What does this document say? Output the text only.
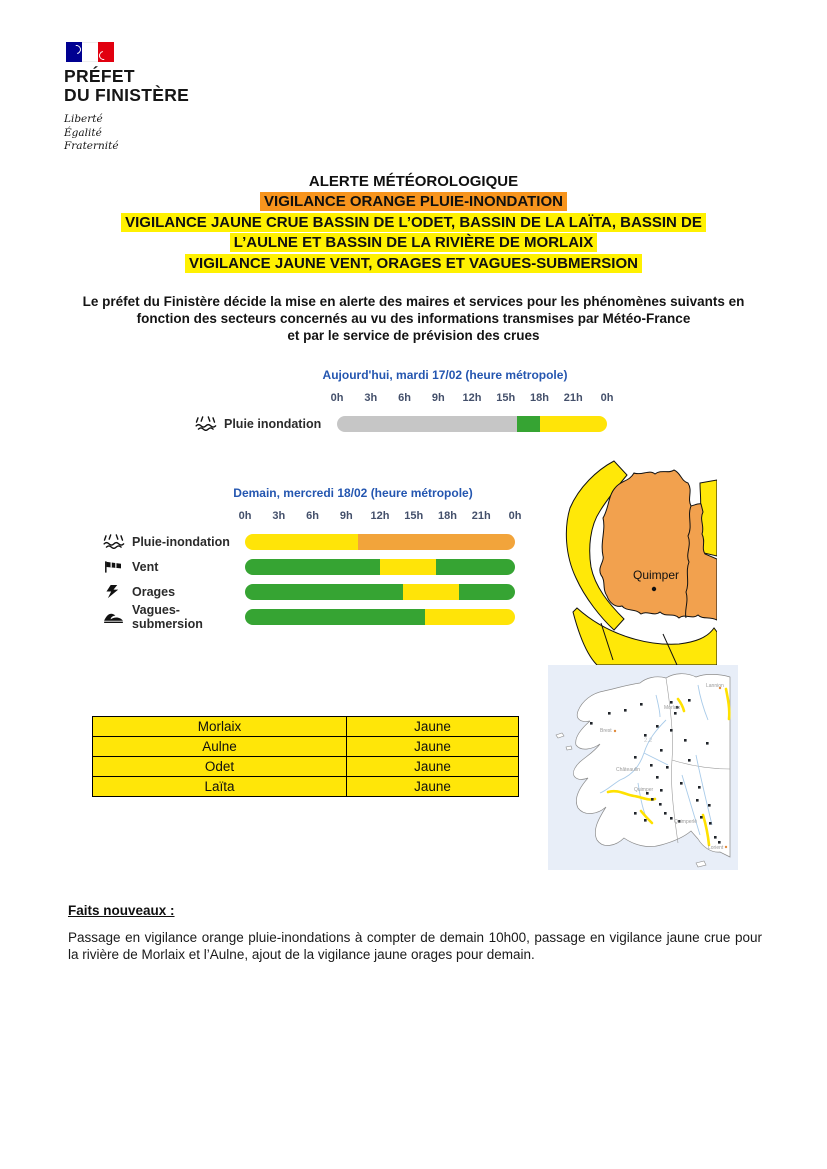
PRÉFET
DU FINISTÈRE
Liberté
Égalité
Fraternité
ALERTE MÉTÉOROLOGIQUE
VIGILANCE ORANGE PLUIE-INONDATION
VIGILANCE JAUNE CRUE BASSIN DE L’ODET, BASSIN DE LA LAÏTA, BASSIN DE
L’AULNE ET BASSIN DE LA RIVIÈRE DE MORLAIX
VIGILANCE JAUNE VENT, ORAGES ET VAGUES-SUBMERSION
Le préfet du Finistère décide la mise en alerte des maires et services pour les phénomènes suivants en
fonction des secteurs concernés au vu des informations transmises par Météo-France
et par le service de prévision des crues
Aujourd'hui, mardi 17/02 (heure métropole)
0h 3h 6h 9h 12h 15h 18h 21h 0h
Pluie inondation
Demain, mercredi 18/02 (heure métropole)
0h 3h 6h 9h 12h 15h 18h 21h 0h
Pluie-inondation
Vent
Orages
Vagues-submersion
Quimper
Morlaix	Jaune
Aulne	Jaune
Odet	Jaune
Laïta	Jaune
Lannion
Morlaix
Brest
Châteaulin
Quimper
Quimperlé
Lorient
2.2
Faits nouveaux :
Passage en vigilance orange pluie-inondations à compter de demain 10h00, passage en vigilance jaune crue pour la rivière de Morlaix et l’Aulne, ajout de la vigilance jaune orages pour demain.
